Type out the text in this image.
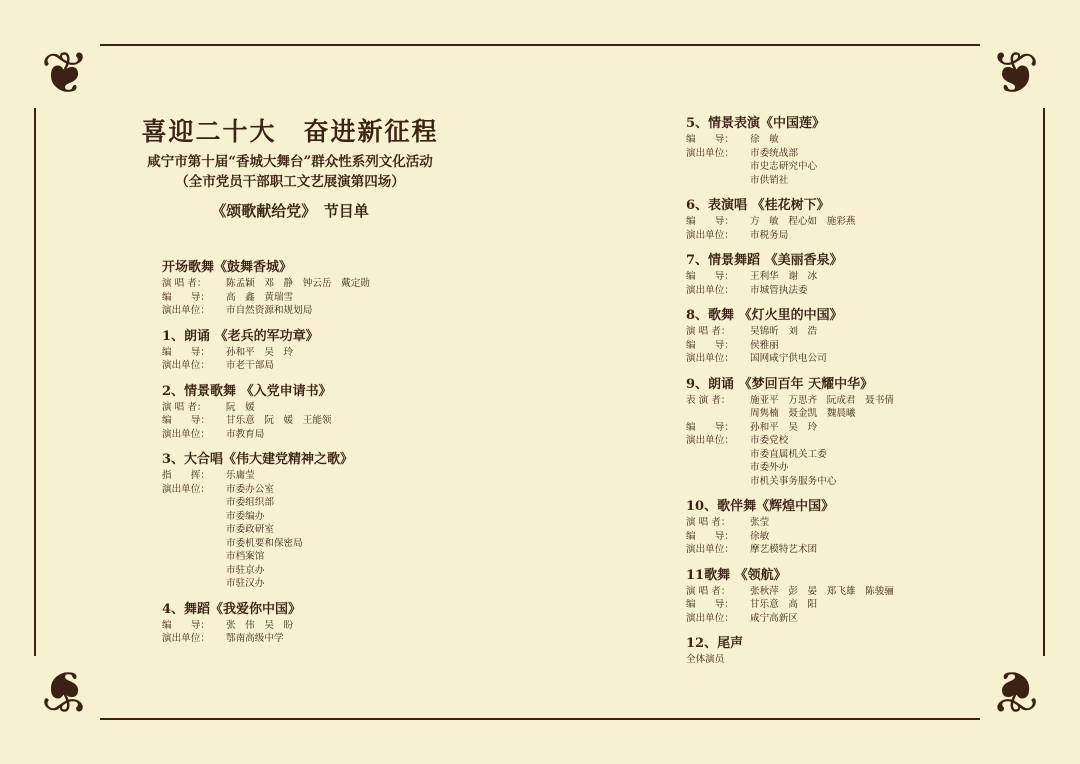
❦	❦
❦	❦
喜迎二十大　奋进新征程
咸宁市第十届“香城大舞台”群众性系列文化活动
（全市党员干部职工文艺展演第四场）
《颂歌献给党》　节目单
开场歌舞《鼓舞香城》
演 唱 者：	陈孟颖　邓　静　钟云岳　戴定勋
编　　导：	高　鑫　黄瑞雪
演出单位：	市自然资源和规划局
1、朗诵 《老兵的军功章》
编　　导：	孙和平　吴　玲
演出单位：	市老干部局
2、情景歌舞 《入党申请书》
演 唱 者：	阮　媛
编　　导：	甘乐意　阮　媛　王能领
演出单位：	市教育局
3、大合唱《伟大建党精神之歌》
指　　挥：	乐庸莹
演出单位：	市委办公室
市委组织部
市委编办
市委政研室
市委机要和保密局
市档案馆
市驻京办
市驻汉办
4、舞蹈《我爱你中国》
编　　导：	张　伟　吴　盼
演出单位：	鄂南高级中学
5、情景表演《中国莲》
编　　导：	徐　敏
演出单位：	市委统战部
市史志研究中心
市供销社
6、表演唱 《桂花树下》
编　　导：	方　敏　程心如　施彩燕
演出单位：	市税务局
7、情景舞蹈 《美丽香泉》
编　　导：	王利华　谢　冰
演出单位：	市城管执法委
8、歌舞 《灯火里的中国》
演 唱 者：	吴锦昕　刘　浩
编　　导：	侯雅丽
演出单位：	国网咸宁供电公司
9、朗诵 《梦回百年 天耀中华》
表 演 者：	施亚平　万思齐　阮成君　聂书倩
周隽楠　聂金凯　魏晨曦
编　　导：	孙和平　吴　玲
演出单位：	市委党校
市委直属机关工委
市委外办
市机关事务服务中心
10、歌伴舞《辉煌中国》
演 唱 者：	张莹
编　　导：	徐敏
演出单位：	摩艺模特艺术团
11歌舞 《领航》
演 唱 者：	张秋萍　彭　晏　郑飞雄　陈骏骊
编　　导：	甘乐意　高　阳
演出单位：	咸宁高新区
12、尾声
全体演员
